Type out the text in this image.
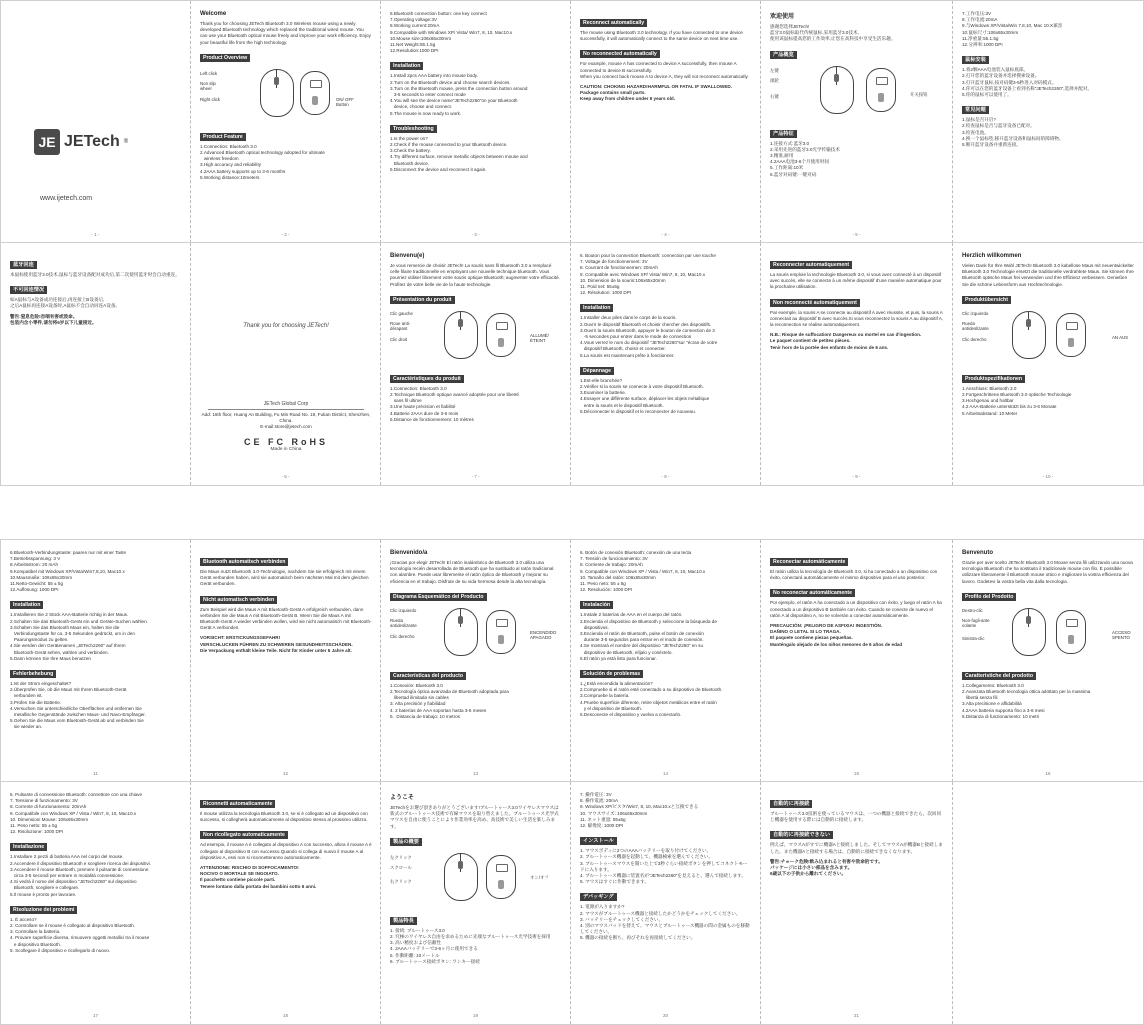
JE JETech ®
www.ijetech.com
- 1 -

Welcome

Thank you for choosing JETech Bluetooth 3.0 Wireless mouse using a newly developed Bluetooth technology which replaced the traditional wired mouse. You can use your Bluetooth optical mouse freely and improve your work efficiency. Enjoy your beautiful life from the high technology.

Product Overview
Left click
Non slip wheel
Right click	ON/ OFF Button
Product Feature

1.Connection: Bluetooth 3.0
2.Advanced Bluetooth optical technology adopted for ultimate
wireless freedom
3.High accuracy and reliability
4.2AAA battery supports up to 3-6 months
5.Working distance:10meters

- 2 -

6.Bluetooth connection button: one key connect
7.Operating voltage:3V
8.Working current:20mA
9.Compatible with Windows XP/ Vista/ Win7, 8, 10, Mac10.x
10.Mouse size:106x65x30mm
11.Net Weight:55.1.5g
12.Resolution:1000 DPI

Installation

1.Install 2pcs AAA battery into mouse body.
2.Turn on the Bluetooth device and choose search devices.
3.Turn on the Bluetooth mouse, press the connection button around
3-5 seconds to enter connect mode
4.You will see the device name"JETech2260"on your Bluetooth
device, choose and connect.
5.The mouse is now ready to work.

Troubleshooting

1.Is the power on?
2.Check if the mouse connected to your Bluetooth device.
3.Check the battery.
4.Try different surface, remove metallic objects between mouse and
Bluetooth device.
5.Disconnect the device and reconnect it again.

- 3 -
Reconnect automatically

The mouse using Bluetooth 3.0 technology. If you have connected to one device successfully, it will automatically connect to the same device on next time use.

No reconnected automatically

For example, mouse A has connected to device A successfully, then mouse A connected to device B successfully.
When you connect back mouse A to device A, they will not reconnect automatically.

CAUTION: CHOKING HAZARD!HARMFUL OR FATAL IF SWALLOWED.
Package contains small parts.
Keep away from children under 6 years old.

- 4 -

欢迎使用

感谢您选择JETech!
蓝牙3.0鼠标取代传统鼠标,采用蓝牙3.0技术,
使用该鼠标提高您的工作效率,让您在高科技中享受生活乐趣。

产品概览
左键
滚轮
右键	开关按钮
产品特征

1.连接方式:蓝牙3.0
2.采用先进的蓝牙3.0光学传输技术
3.精准,耐用
4.2AAA电池3-6个月使用时间
5.工作距离:10米
6.蓝牙对码键:一键对码

- 5 -

7.工作电压:3V
8.工作电流:20mA
9.与Windows XP/Vista/Win 7,8,10, Mac 10.X兼容
10.鼠标尺寸:106x65x30mm
11.净重量:55.1.5g
12.分辨率:1000 DPI

鼠标安装

1.将2颗AAA电池装入鼠标底部。
2.打开您的蓝牙设备并选择搜索设备。
3.打开蓝牙鼠标,按对码键3-5秒进入对码模式。
4.你可以在您的蓝牙设备上看到名称"JETech2260",选择并配对。
5.你的鼠标可以使用了。

常见问题

1.鼠标是否开启?
2.检查鼠标是否与蓝牙设备已配对。
3.检查电池。
4.换一个鼠标垫,移开蓝牙设备和鼠标间的障碍物。
5.断开蓝牙设备并重新连接。

蓝牙回连

本鼠标使用蓝牙3.0技术,鼠标与蓝牙设备配对成功后,第二次使用蓝牙时会自动重连。

不可回连情况

如A鼠标与A设备成功连接后,再连接上B设备后,
之后A鼠标再连接A设备时,A鼠标不会自动回连A设备。

警告:窒息危险!吞咽有害或致命。
包装内含小零件,请勿将6岁以下儿童接近。

Thank you for choosing JETech!
JETech Global Corp

Add: 16th floor, Huang An Building, Fu Min Road No. 19, Futian District, Shenzhen, China.

E-mail:store@jetech.com

CE FC RoHS
Made in China
- 6 -

Bienvenu(e)

Je vous remercie de choisir JETech! La souris sans fil Bluetooth 3.0 a remplacé celle filaire traditionnelle en employant une nouvelle technique bluetooth. Vous pourriez utiliser librement votre souris optique Bluetooth; augmenter votre efficacité. Profitez de votre belle vie de la haute technologie.

Présentation du produit
Clic gauche
Roue anti-dérapant
Clic droit
ALLUMÉ/ ÉTEINT
Caractéristiques du produit

1.Connection: Bluetooth 3.0
2.Technique Bluetooth optique avancé adoptée pour une liberté
sans fil ultime
3.Une haute précision et fiabilité
4.Batterie 2AAA dure de 3-6 mois
5.Distance de fonctionnement: 10 mètres

- 7 -

6. Bouton pour la connection Bluetooth: connection par une touche
7. Voltage de fonctionnement: 3V
8. Courrant de fonctionnemen: 20mAh
9. Compatible avec Windows XP/ Vista/ Win7, 8, 10, Mac10.x
10. Dimension de la souris:106x65x30mm
11. Poid net: 55±5g
12. Résolution: 1000 DPI

Installation

1.Installer deux piles dans le corps de la souris.
2.Ouvrir le dispositif Bluetooth et choisir chercher des dispositifs.
3.Ouvrir la souris Bluetooth, appuyer le bouton de connection de 3
-5 secondes pour entrer dans le mode de connection
4.Vous verrez le nom du dispositif "JETech2260"sur "écran de votre
dispositif Bluetooth, choisir et connecter.
5.La souris est maintenant prête à fonctionner.

Dépannage

1.Est-elle branchée?
2.Vérifier si la souris se connecte à votre dispositif Bluetooth.
3.Examiner la batterie.
4.Essayer une différente surface, déplacer les objets métallique
entre la souris et le dispositif Bluetooth.
5.Déconnecter le dispositif et le reconnecter de nouveau.

- 8 -
Reconnecter automatiquement

La souris emploie la technologie Bluetooth 3.0, si vous avez connecté à un dispositif avec succès, elle se connecte à un même dispositif d'une manière automatique pour la prochaine utilisation.

Non reconnecté automatiquement

Par exemple, la souris A se connecte au dispositif A avec réussite, et puis, la souris A connectait au dispositif B avec succès.Si vous reconnectez la souris A au dispositif A, la reconnection se réalise automatiquement.

N.B.: Risque de suffocation! Dangereux ou mortel en cas d'ingestion.
Le paquet contient de petites pièces.
Tenir hors de la portée des enfants de moins de 6 ans.

- 9 -

Herzlich willkommen

Vielen Dank für Ihre Wahl JETech! Bluetooth 3.0 kabellose Maus mit neuentwickelter Bluetooth 3.0 Technologie ersetzt die traditionelle verdrahtete Maus. Sie können Ihre Bluetooth optische Maus frei verwenden und Ihre Effizienz verbessern. Genießen Sie die schöne Lebensform aus Hochtechnologie.

Produktübersicht
Clic izquierdo
Rueda antideslizante
Clic derecho	AN AUS
Produktspezifikationen

1.Anschluss: Bluetooth 3.0
2.Fortgeschrittene Bluetooth 3.0 optische Technologie
3.Hochgenau und haltbar
4.2 AAA-Batterie unterstützt bis zu 3-6 Monate
5.Arbeitsabstand: 10 Meter

- 10 -

6.Bluetooth-Verbindungstaste: paaren nur mit einer Taste
7.Betriebsspannung: 3 V
8.Arbeitsstrom: 20 mAh
9.Kompatibel mit Windows XP/Vista/Win7,8,10, Mac10.x
10.Mausmaße: 106x65x30mm
11.Netto-Gewicht: 55 ± 5g
12.Auflösung: 1000 DPI

Installation

1.Installieren Sie 2 Stück AAA-Batterie richtig in der Maus.
2.Schalten Sie das Bluetooth-Gerät ein und Geräte-Suchen wählen.
3.Schalten Sie das Bluetooth Maus ein, halten Sie die
Verbindungstaste für ca. 3-5 Sekunden gedrückt, um in den
Paarungsmodus zu gelten.
4.Sie werden den Gerätenamen „JETech2260" auf Ihrem
Bluetooth-Gerät sehen, wählen und verbinden.
5.Dann können Sie Ihre Maus benutzen

Fehlerbehebung

1.Ist der Strom eingeschaltet?
2.Überprüfen Sie, ob die Maus mit Ihrem Bluetooth-Gerät
verbunden ist.
3.Prüfen Sie die Batterie.
4.Versuchen Sie unterschiedliche Oberflächen und entfernen Sie
metallische Gegenstände zwischen Maus- und Navo-Empfänger.
5.Gehen Sie die Maus vom Bluetooth-Gerät ab und verbinden Sie
sie wieder an.

11
Bluetooth automatisch verbinden

Die Maus nutzt Bluetooth 3.0-Technologie, nachdem Sie sie erfolgreich mit einem Gerät verbunden haben, wird sie automatisch beim nächsten Mal mit dem gleichen Gerät verbunden.

Nicht automatisch verbinden

Zum Beispiel wird die Maus A mit Bluetooth-Gerät A erfolgreich verbunden, dann verbinden Sie die Maus A mit Bluetooth-Gerät B. Wenn Sie die Maus A mit Bluetooth-Gerät A wieder verbinden wollen, wird sie nicht automatisch mit Bluetooth-Gerät A verbunden.

VORSICHT: ERSTICKUNGSGEFAHR!
VERSCHLUCKEN FÜHREN ZU SCHWEREN GESUNDHEITSSCHÄDEN.
Die Verpackung enthält kleine Teile. Nicht für Kinder unter 6 Jahre alt.

12

Bienvenido/a

¡Gracias por elegir JETech! El ratón inalámbrico de Bluetooth 3.0 utiliza una tecnología recién desarrollada de Bluetooth que ha sustituido al ratón tradicional con alambre. Puede usar libremente el ratón óptico de Bluetooth y mejorar su eficiencia en el trabajo. Disfrute de su vida hermosa desde la alta tecnología.

Diagrama Esquemático del Producto
Clic izquierdo
Rueda antideslizante
Clic derecho
ENCENDIDO APAGADO
Características del producto

1.Conexión: Bluetooth 3.0
2.Tecnología óptica avanzada de Bluetooth adoptada para
libertad ilimitada sin cables
3. Alta precisión y fiabilidad
4. 2 baterías de AAA soportan hasta 3-6 meses
5.  Distancia de trabajo: 10 metros

13

6. Botón de conexión Bluetooth: conexión de una tecla
7. Tensión de funcionamiento: 3V
8. Corriente de trabajo: 20mAh
9. Compatible con Windows XP / Vista / Win7, 8, 10, Mac10.x
10. Tamaño del ratón: 106x65x30mm
11. Peso neto: 55 ± 5g
12. Resolución: 1000 DPI

Instalación

1.Instale 2 baterías de AAA en el cuerpo del ratón.
2.Encienda el dispositivo de Bluetooth y seleccione la búsqueda de
dispositivos.
3.Encienda el ratón de Bluetooth, pulse el botón de conexión
durante 3-5 segundos para entrar en el modo de conexión.
4.Se mostrará el nombre del dispositivo "JETech2260" en su
dispositivo de Bluetooth, elíjalo y conéctelo.
5.El ratón ya está listo para funcionar.

Solución de problemas

1.¿Está encendida la alimentación?
2.Compruebe si el ratón esté conectado a su dispositivo de Bluetooth.
3.Compruebe la batería.
4.Pruebe superficie diferente, retire objetos metálicos entre el ratón
y el dispositivo de Bluetooth.
5.Desconecte el dispositivo y vuelva a conectarlo.

14
Reconectar automáticamente

El ratón utiliza la tecnología de Bluetooth 3.0, si ha conectado a un dispositivo con éxito, conectará automáticamente el mismo dispositivo para el uso posterior.

No reconectar automáticamente

Por ejemplo, el ratón A ha conectado a un dispositivo con éxito, y luego el ratón A ha conectado a un dispositivo B también con éxito. Cuando se conecte de nuevo el ratón A al dispositivo A, no se volverán a conectar automáticamente.

PRECAUCIÓN: ¡PELIGRO DE ASFIXIA! INGESTIÓN.
DAÑINO O LETAL SI LO TRAGA.
El paquete contiene piezas pequeñas.
Manténgalo alejado de los niños menores de 6 años de edad

15

Benvenuto

Grazie per aver scelto JETech! Bluetooth 3.0 Mouse senza fili utilizzando una nuova tecnologia Bluetooth che ha sostituito il tradizionale mouse con filo. È possibile utilizzare liberamente il Bluetooth mouse ottico e migliorare la vostra efficienza del lavoro. Godetevi la vostra bella vita dalla tecnologia.

Profilo del Prodotto
Destro-clic
Non-fogli-ante volante
Sinistra-clic
ACCESO SPENTO
Caratteristiche del prodotto

1.Collegamento: Bluetooth 3.0
2.Avanzata Bluetooth tecnologia ottica adottato per la massima
libertà senza fili
3.Alta precisione e affidabilità
4.2AAA batteria supporta fino a 3-6 mesi
5.Distanza di funzionamento: 10 metri

16

6. Pulsante di connessione Bluetooth: connettore con una chiave
7. Tensione di funzionamento: 3V
8. Corrente di funzionamento: 20mAh
9. Compatibile con Windows XP / Vista / Win7, 8, 10, Mac10.x
10. Dimensioni Mouse: 106x65x30mm
11. Peso netto: 55 ± 5g
12. Risoluzione: 1000 DPI

Installazione

1.Installare 2 pezzi di batteria AAA nel corpo del mouse.
2.Accendere il dispositivo Bluetooth e scegliere ricerca dei dispositivi.
3.Accendere il mouse Bluetooth, premere il pulsante di connessione
circa 3-5 secondi per entrare in modalità connessione.
4.Si vedrà il nome del dispositivo "JETech2260" sul dispositivo
Bluetooth, scegliere e collegare.
5.Il mouse è pronto per lavorare.

Risoluzione dei problemi

1. È acceso?
2. Controllare se il mouse è collegato al dispositivo Bluetooth.
3. Controllare la batteria.
4. Provare superficie diversa, rimuovere oggetti metallici tra il mouse
e dispositivo Bluetooth.
5. Scollegare il dispositivo e ricollegarlo di nuovo.

17
Riconnetti automaticamente

Il mouse utilizza la tecnologia Bluetooth 3.0, se si è collegato ad un dispositivo con successo, si collegherà automaticamente al dispositivo stesso al prossimo utilizzo.

Non ricollegato automaticamente

Ad esempio, il mouse A è collegato al dispositivo A con successo, allora il mouse A è collegato al dispositivo B con successo.Quando si collega di nuovo il mouse A al dispositivo A, essi non si riconnetteranno automaticamente.

ATTENZIONE: RISCHIO DI SOFFOCAMENTO!
NOCIVO O MORTALE SE INGOIATO.
Il pacchetto contiene piccole parti.
Tenere lontano dalla portata dei bambini sotto 6 anni.

18

ようこそ

JETechをお選び頂きありがとうございます!ブルートゥース3.0ワイヤレスマウスは新式のブルートゥース技術で有線マウスを取り替えました。ブルートゥース光学式マウスを自由に使うことにより作業効率を高め、高技術で美しい生活を楽しみます。

製品の概要
左クリック
スクロール
右クリック
オン/オフ
製品特長

1. 接続: ブルートゥース3.0
2. 究極のワイヤレス自由を求めるために先端なブルートゥース光学技術を採用
3. 高い精度および信頼性
4. 2AAAバッテリーで3-6ヶ月に使用できる
5. 作動距離: 10メートル
6. ブルートゥース接続ボタン: ワンキー接続

19

7. 操作電圧: 3V
8. 操作電流: 20mA
9. Windows XP/ビスタ/Win7, 8, 10, Mac10.xと互換できる
10. マウスサイズ: 106x65x30mm
11. ネット重量: 55±5g
12. 解像度: 1000 DPI

インストール

1. マウスボディに2つのAAAバッテリーを取り付けてください。
2. ブルートゥース機器を起動して、機器検索を選んでください。
3. ブルートゥースマウスを開いた上で3秒ぐらい接続ボタンを押してコネクトモードに入ります。
4. ブルートゥース機器に装置名が"JETech2260"を見えると、選んで接続します。
5. マウスはすぐに作動できます。

デバッギング

1. 電源が入りますか?
2. マウスがブルートゥース機器と接続したかどうかをチェックしてください。
3. バッテリーをチェックしてください。
4. 別のマウスパッドを替えて、マウスとブルートゥース機器の間の金属ものを移動してください。
5. 機器の接続を断ち、再びそれを再接続してください。

20
自動的に再接続

ブルートゥース3.0技術を使っているマウスは、一つの機器と接続できたら、次回同じ機器を使用する際には自動的に接続します。

自動的に再接続できない

例えば、マウスAがすでに機器Aと接続しました。そしてマウスAが機器Bと接続しました。また機器Aと接続する場合は、自動的に接続できなくなります。

警告:チョーク危険!飲み込まれると有害や致命的です。
パッケージには小さい部品を含みます。
6歳以下の子供から離れてください。

21
